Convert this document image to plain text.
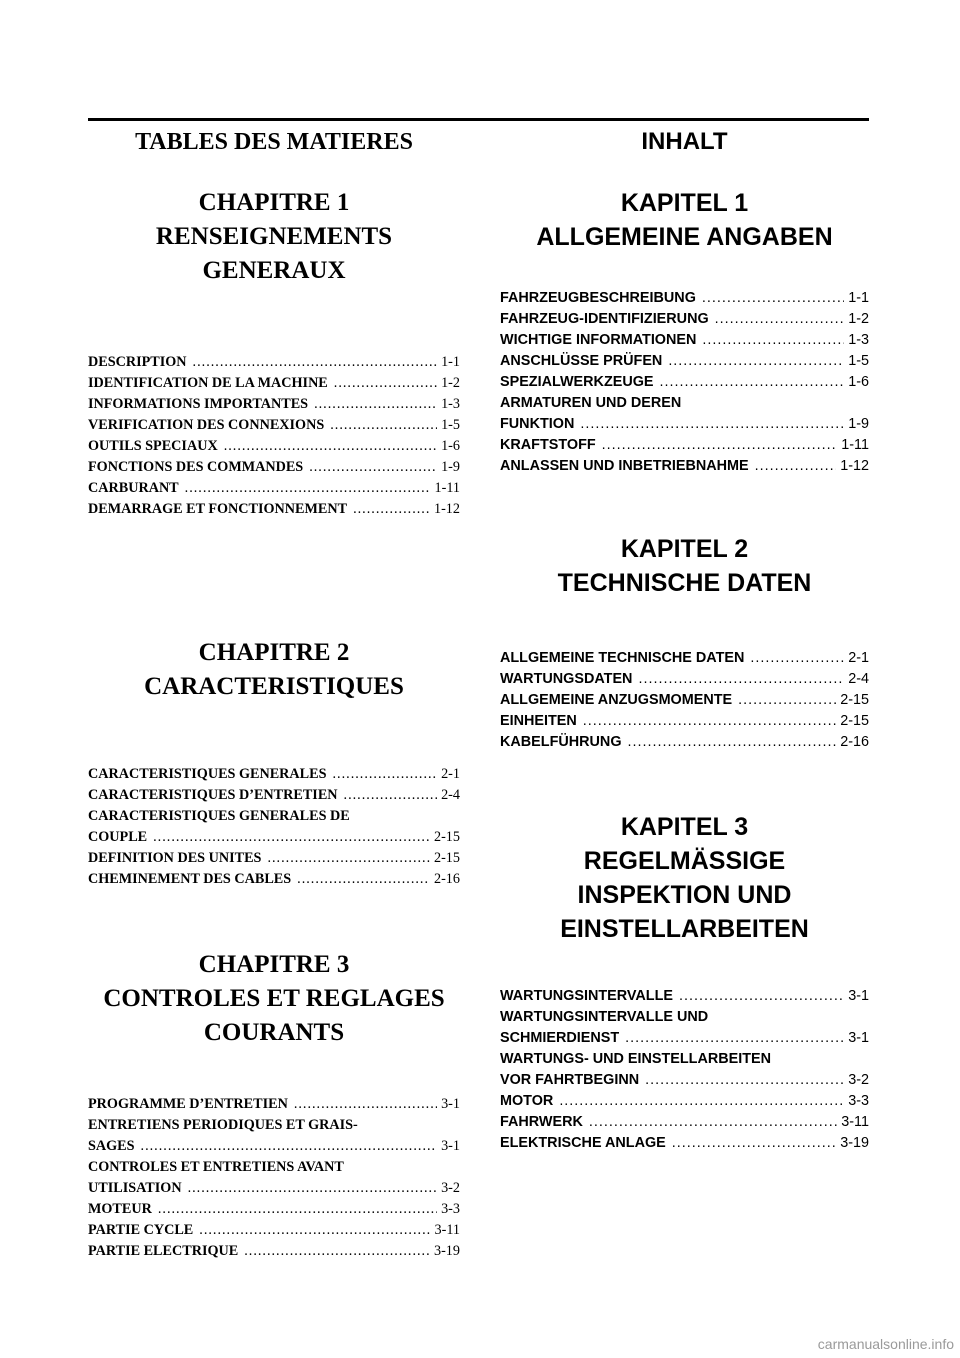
TABLES DES MATIERES
CHAPITRE 1
RENSEIGNEMENTS
GENERAUX
DESCRIPTION .....	1-1
IDENTIFICATION DE LA MACHINE .....	1-2
INFORMATIONS IMPORTANTES .....	1-3
VERIFICATION DES CONNEXIONS .....	1-5
OUTILS SPECIAUX .....	1-6
FONCTIONS DES COMMANDES .....	1-9
CARBURANT .....	1-11
DEMARRAGE ET FONCTIONNEMENT .....	1-12
CHAPITRE 2
CARACTERISTIQUES
CARACTERISTIQUES GENERALES .....	2-1
CARACTERISTIQUES D’ENTRETIEN .....	2-4
CARACTERISTIQUES GENERALES DE
COUPLE .....	2-15
DEFINITION DES UNITES .....	2-15
CHEMINEMENT DES CABLES .....	2-16
CHAPITRE 3
CONTROLES ET REGLAGES
COURANTS
PROGRAMME D’ENTRETIEN .....	3-1
ENTRETIENS PERIODIQUES ET GRAIS-
SAGES .....	3-1
CONTROLES ET ENTRETIENS AVANT
UTILISATION .....	3-2
MOTEUR .....	3-3
PARTIE CYCLE .....	3-11
PARTIE ELECTRIQUE .....	3-19
INHALT
KAPITEL 1
ALLGEMEINE ANGABEN
FAHRZEUGBESCHREIBUNG .....	1-1
FAHRZEUG-IDENTIFIZIERUNG .....	1-2
WICHTIGE INFORMATIONEN .....	1-3
ANSCHLÜSSE PRÜFEN .....	1-5
SPEZIALWERKZEUGE .....	1-6
ARMATUREN UND DEREN
FUNKTION .....	1-9
KRAFTSTOFF .....	1-11
ANLASSEN UND INBETRIEBNAHME .....	1-12
KAPITEL 2
TECHNISCHE DATEN
ALLGEMEINE TECHNISCHE DATEN .....	2-1
WARTUNGSDATEN .....	2-4
ALLGEMEINE ANZUGSMOMENTE .....	2-15
EINHEITEN .....	2-15
KABELFÜHRUNG .....	2-16
KAPITEL 3
REGELMÄSSIGE
INSPEKTION UND
EINSTELLARBEITEN
WARTUNGSINTERVALLE .....	3-1
WARTUNGSINTERVALLE UND
SCHMIERDIENST .....	3-1
WARTUNGS- UND EINSTELLARBEITEN
VOR FAHRTBEGINN .....	3-2
MOTOR .....	3-3
FAHRWERK .....	3-11
ELEKTRISCHE ANLAGE .....	3-19
carmanualsonline.info
